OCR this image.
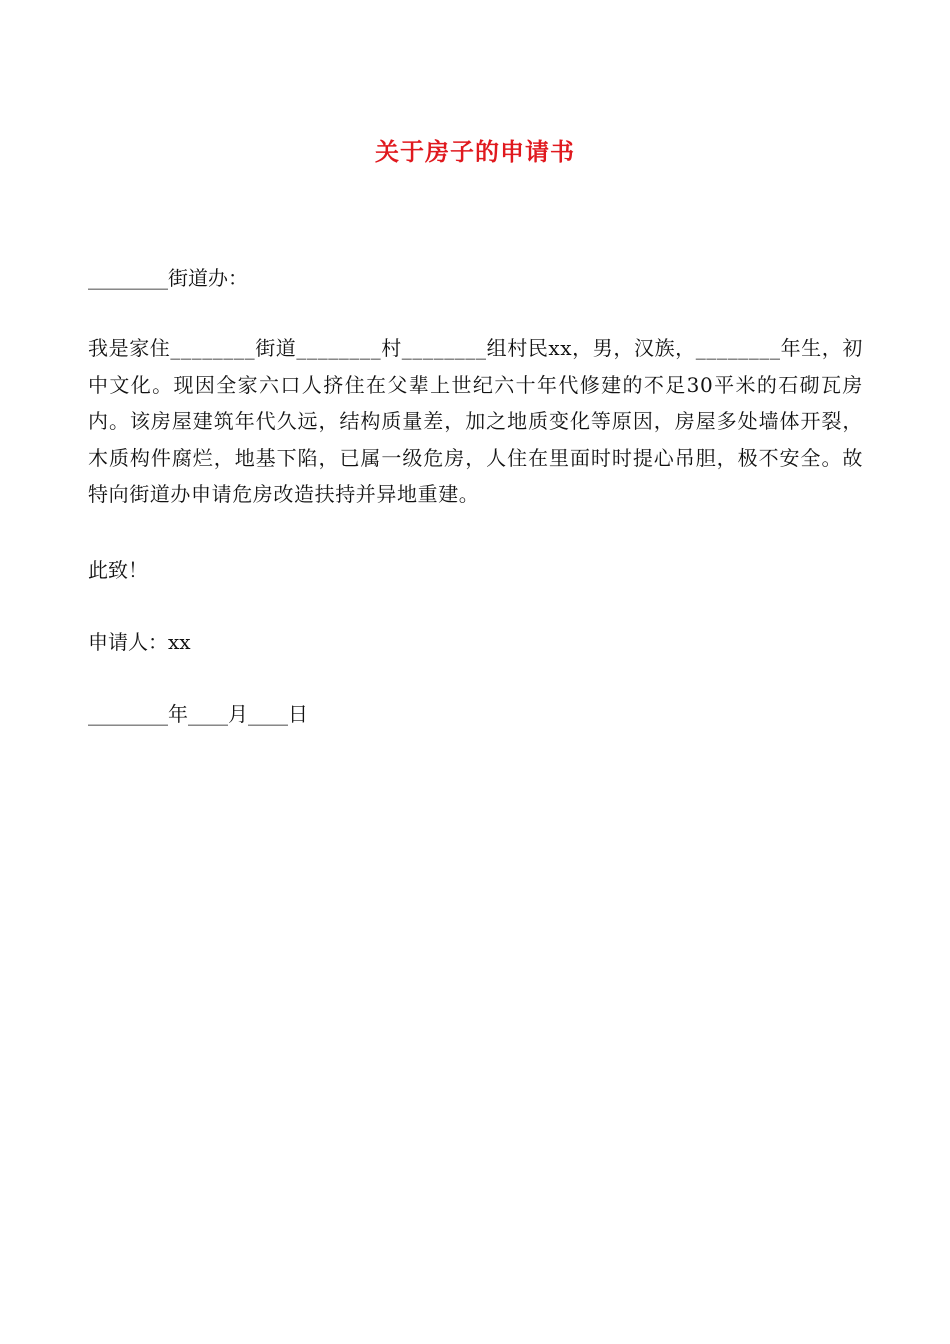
关于房子的申请书
________街道办：
我是家住________街道________村________组村民xx，男，汉族，________年生，初中文化。现因全家六口人挤住在父辈上世纪六十年代修建的不足30平米的石砌瓦房内。该房屋建筑年代久远，结构质量差，加之地质变化等原因，房屋多处墙体开裂，木质构件腐烂，地基下陷，已属一级危房，人住在里面时时提心吊胆，极不安全。故特向街道办申请危房改造扶持并异地重建。
此致！
申请人：xx
________年____月____日
